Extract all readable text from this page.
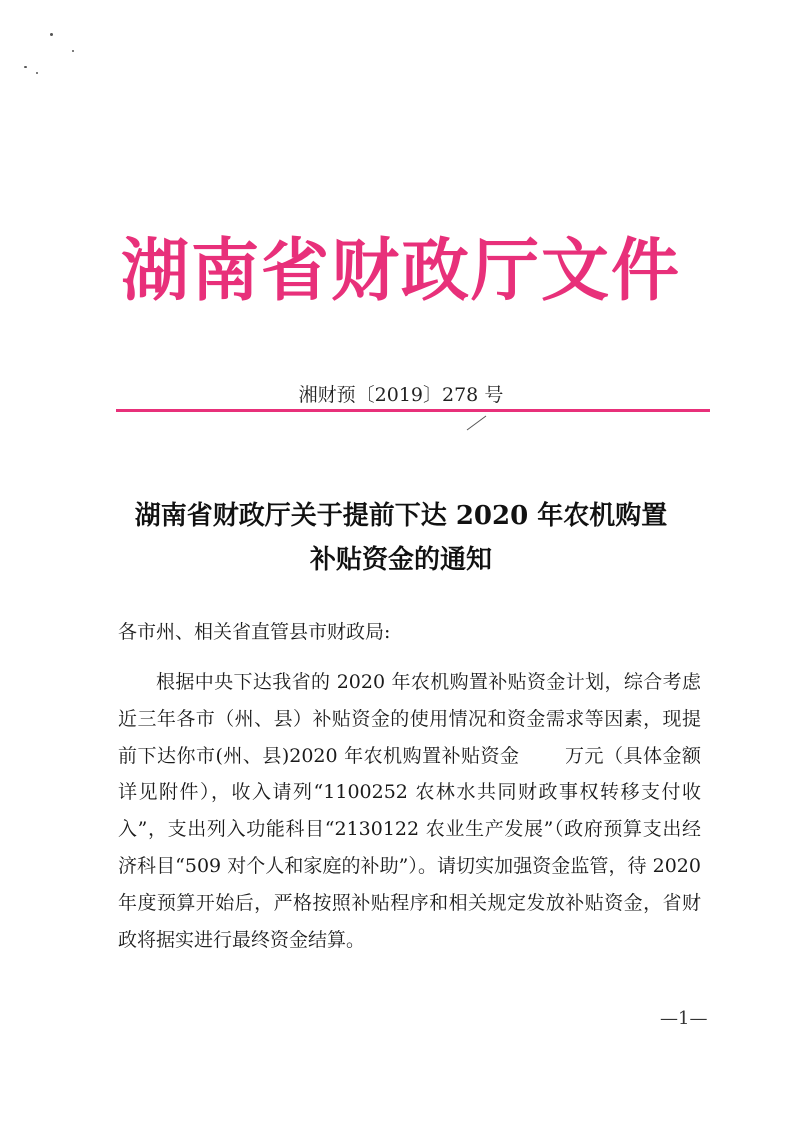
湖南省财政厅文件
湘财预〔2019〕278 号
湖南省财政厅关于提前下达 2020 年农机购置
补贴资金的通知
各市州、相关省直管县市财政局:

根据中央下达我省的 2020 年农机购置补贴资金计划，综合考虑近三年各市（州、县）补贴资金的使用情况和资金需求等因素，现提前下达你市(州、县)2020 年农机购置补贴资金　　 万元（具体金额详见附件），收入请列“1100252 农林水共同财政事权转移支付收入”，支出列入功能科目“2130122 农业生产发展”（政府预算支出经济科目“509 对个人和家庭的补助”）。请切实加强资金监管，待 2020 年度预算开始后，严格按照补贴程序和相关规定发放补贴资金，省财政将据实进行最终资金结算。

—1—
